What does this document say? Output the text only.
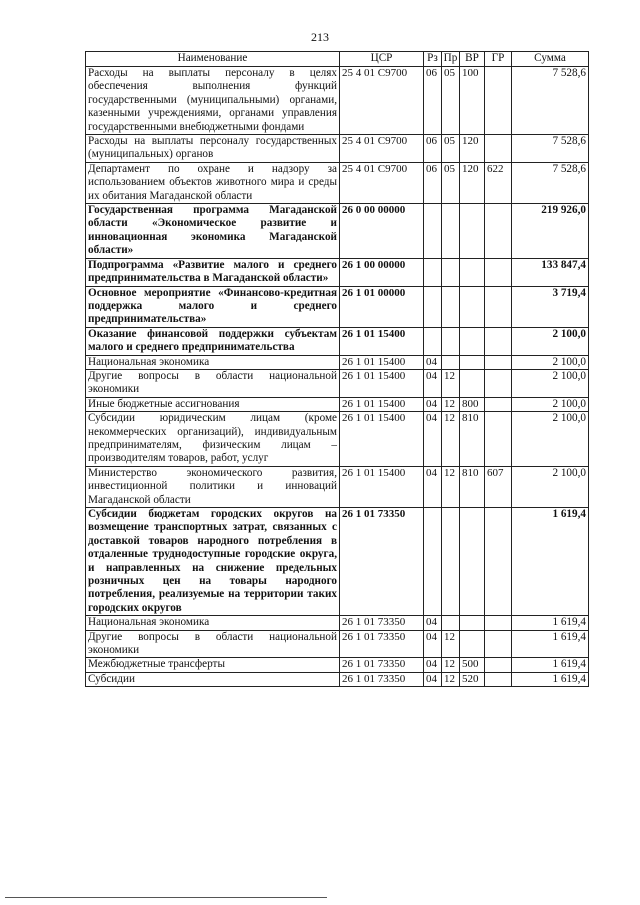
213
Наименование	ЦСР	Рз	Пр	ВР	ГР	Сумма
Расходы на выплаты персоналу в целях обеспечения выполнения функций государственными (муниципальными) органами, казенными учреждениями, органами управления государственными внебюджетными фондами	25 4 01 С9700	06	05	100		7 528,6
Расходы на выплаты персоналу государственных (муниципальных) органов	25 4 01 С9700	06	05	120		7 528,6
Департамент по охране и надзору за использованием объектов животного мира и среды их обитания Магаданской области	25 4 01 С9700	06	05	120	622	7 528,6
Государственная программа Магаданской области «Экономическое развитие и инновационная экономика Магаданской области»	26 0 00 00000					219 926,0
Подпрограмма «Развитие малого и среднего предпринимательства в Магаданской области»	26 1 00 00000					133 847,4
Основное мероприятие «Финансово-кредитная поддержка малого и среднего предпринимательства»	26 1 01 00000					3 719,4
Оказание финансовой поддержки субъектам малого и среднего предпринимательства	26 1 01 15400					2 100,0
Национальная экономика	26 1 01 15400	04				2 100,0
Другие вопросы в области национальной экономики	26 1 01 15400	04	12			2 100,0
Иные бюджетные ассигнования	26 1 01 15400	04	12	800		2 100,0
Субсидии юридическим лицам (кроме некоммерческих организаций), индивидуальным предпринимателям, физическим лицам – производителям товаров, работ, услуг	26 1 01 15400	04	12	810		2 100,0
Министерство экономического развития, инвестиционной политики и инноваций Магаданской области	26 1 01 15400	04	12	810	607	2 100,0
Субсидии бюджетам городских округов на возмещение транспортных затрат, связанных с доставкой товаров народного потребления в отдаленные труднодоступные городские округа, и направленных на снижение предельных розничных цен на товары народного потребления, реализуемые на территории таких городских округов	26 1 01 73350					1 619,4
Национальная экономика	26 1 01 73350	04				1 619,4
Другие вопросы в области национальной экономики	26 1 01 73350	04	12			1 619,4
Межбюджетные трансферты	26 1 01 73350	04	12	500		1 619,4
Субсидии	26 1 01 73350	04	12	520		1 619,4
